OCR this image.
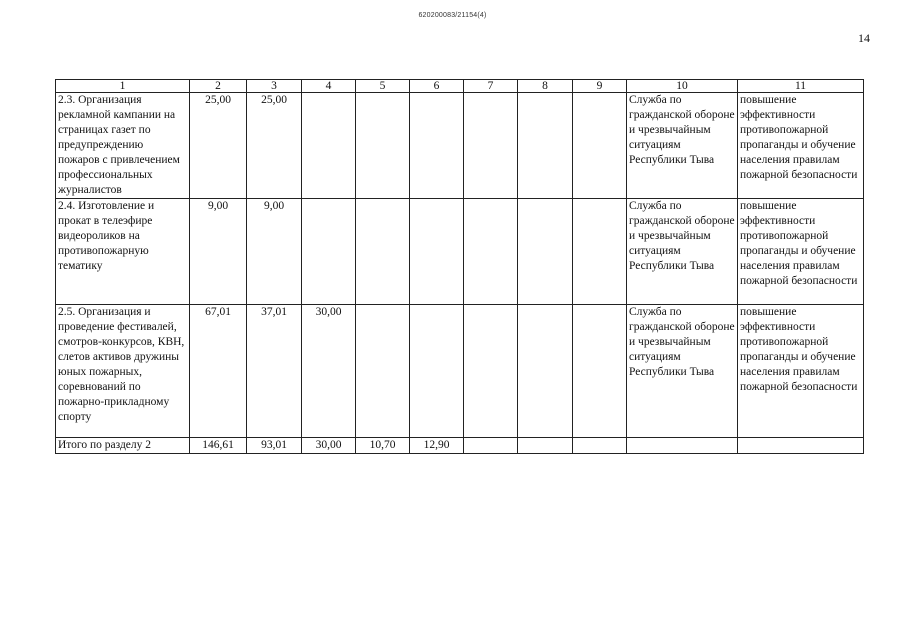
620200083/21154(4)
14
1	2	3	4	5	6	7	8	9	10	11
2.3. Организация рекламной кампании на страницах газет по предупреждению пожаров с привлечением профессиональных журналистов	25,00	25,00							Служба по гражданской обороне и чрезвычайным ситуациям Республики Тыва	повышение эффективности противопожарной пропаганды и обучение населения правилам пожарной безопасности
2.4. Изготовление и прокат в телеэфире видеороликов на противопожарную тематику	9,00	9,00							Служба по гражданской обороне и чрезвычайным ситуациям Республики Тыва	повышение эффективности противопожарной пропаганды и обучение населения правилам пожарной безопасности
2.5. Организация и проведение фестивалей, смотров-конкурсов, КВН, слетов активов дружины юных пожарных, соревнований по пожарно-прикладному спорту	67,01	37,01	30,00						Служба по гражданской обороне и чрезвычайным ситуациям Республики Тыва	повышение эффективности противопожарной пропаганды и обучение населения правилам пожарной безопасности
Итого по разделу 2	146,61	93,01	30,00	10,70	12,90					
